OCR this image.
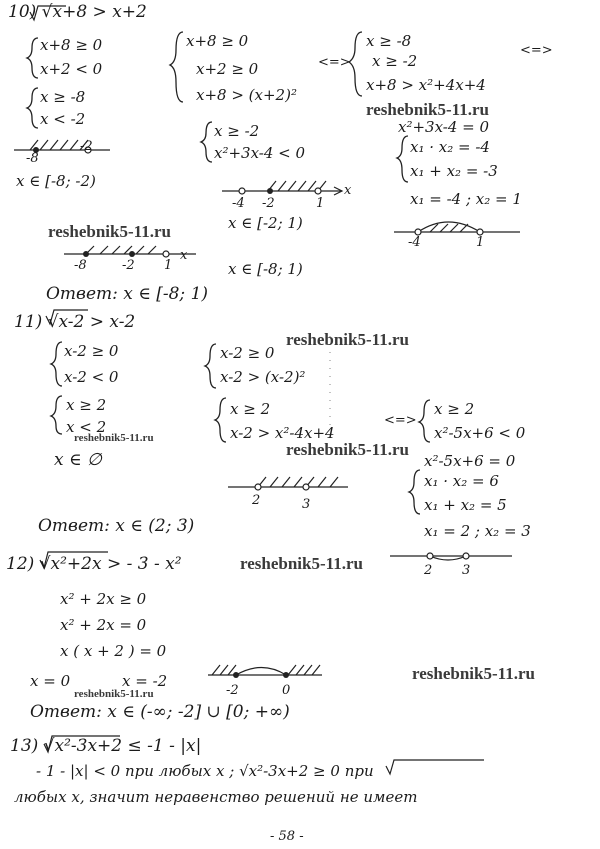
10) √x+8 > x+2
x+8 ≥ 0
x+2 < 0
x ≥ -8
x < -2
x+8 ≥ 0
x+2 ≥ 0
x+8 > (x+2)²
<=>
x ≥ -8
x ≥ -2
x+8 > x²+4x+4
<=>
x ≥ -2
x²+3x-4 < 0
x²+3x-4 = 0
x₁ · x₂ = -4
x₁ + x₂ = -3
x₁ = -4 ; x₂ = 1
-8
-2
x ∈ [-8; -2)
-4 -2	1
x
x ∈ [-2; 1)
-4	1
-8	-2 1
x
x ∈ [-8; 1)
Ответ: x ∈ [-8; 1)
11) √x-2 > x-2
x-2 ≥ 0
x-2 < 0
x ≥ 2
x < 2
x ∈ ∅
x-2 ≥ 0
x-2 > (x-2)²
x ≥ 2
x-2 > x²-4x+4
<=>
x ≥ 2
x²-5x+6 < 0
x²-5x+6 = 0
x₁ · x₂ = 6
x₁ + x₂ = 5
x₁ = 2 ; x₂ = 3
2	3
2 3
Ответ: x ∈ (2; 3)
12) √x²+2x > - 3 - x²
x² + 2x ≥ 0
x² + 2x = 0
x ( x + 2 ) = 0
x = 0	x = -2
-2	0
Ответ: x ∈ (-∞; -2] ∪ [0; +∞)
13) √x²-3x+2 ≤ -1 - |x|
- 1 - |x| < 0 при любых x ; √x²-3x+2 ≥ 0 при
любых x, значит неравенство решений не имеет
- 58 -
reshebnik5-11.ru
reshebnik5-11.ru
reshebnik5-11.ru
reshebnik5-11.ru
reshebnik5-11.ru
reshebnik5-11.ru
reshebnik5-11.ru
reshebnik5-11.ru
